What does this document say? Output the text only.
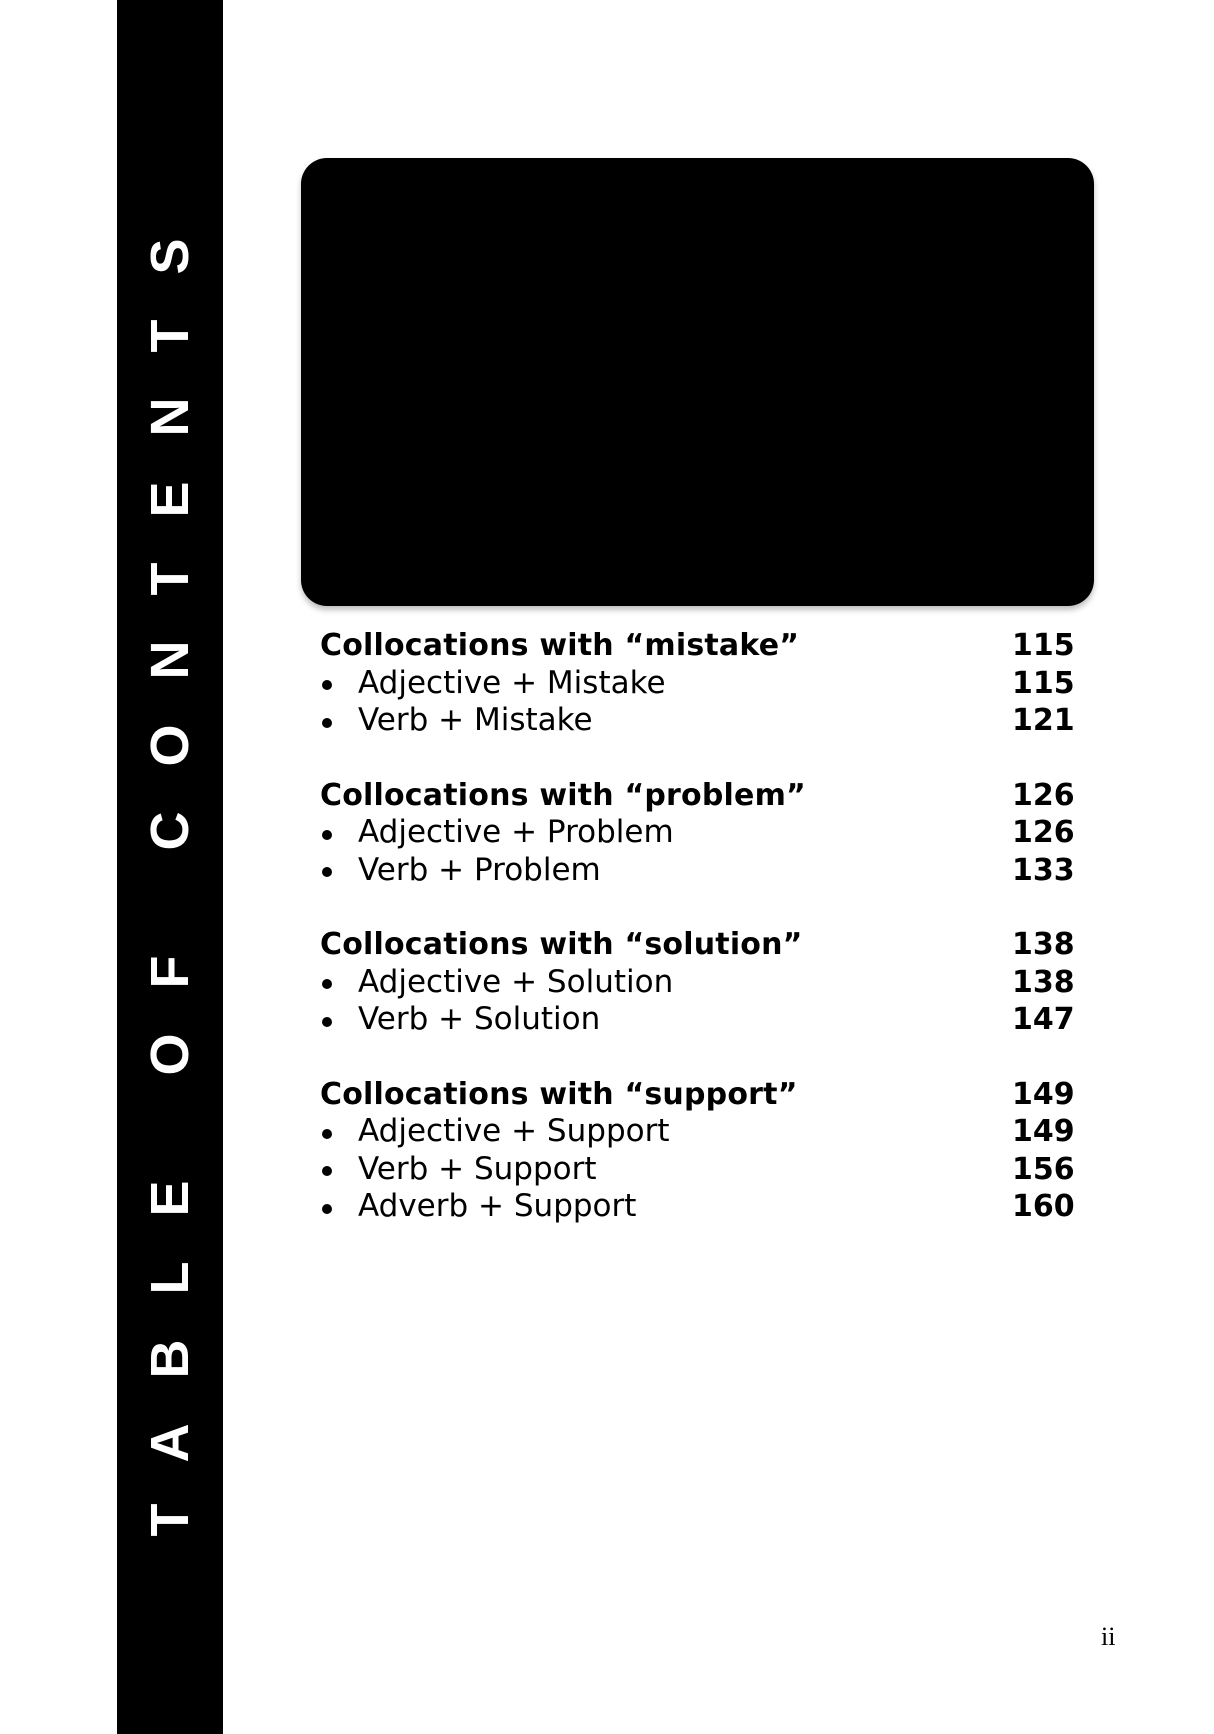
TABLE OF CONTENTS	Collocations with “mistake”	115
Adjective + Mistake	115
Verb + Mistake	121
Collocations with “problem”	126
Adjective + Problem	126
Verb + Problem	133
Collocations with “solution”	138
Adjective + Solution	138
Verb + Solution	147
Collocations with “support”	149
Adjective + Support	149
Verb + Support	156
Adverb + Support	160
ii
